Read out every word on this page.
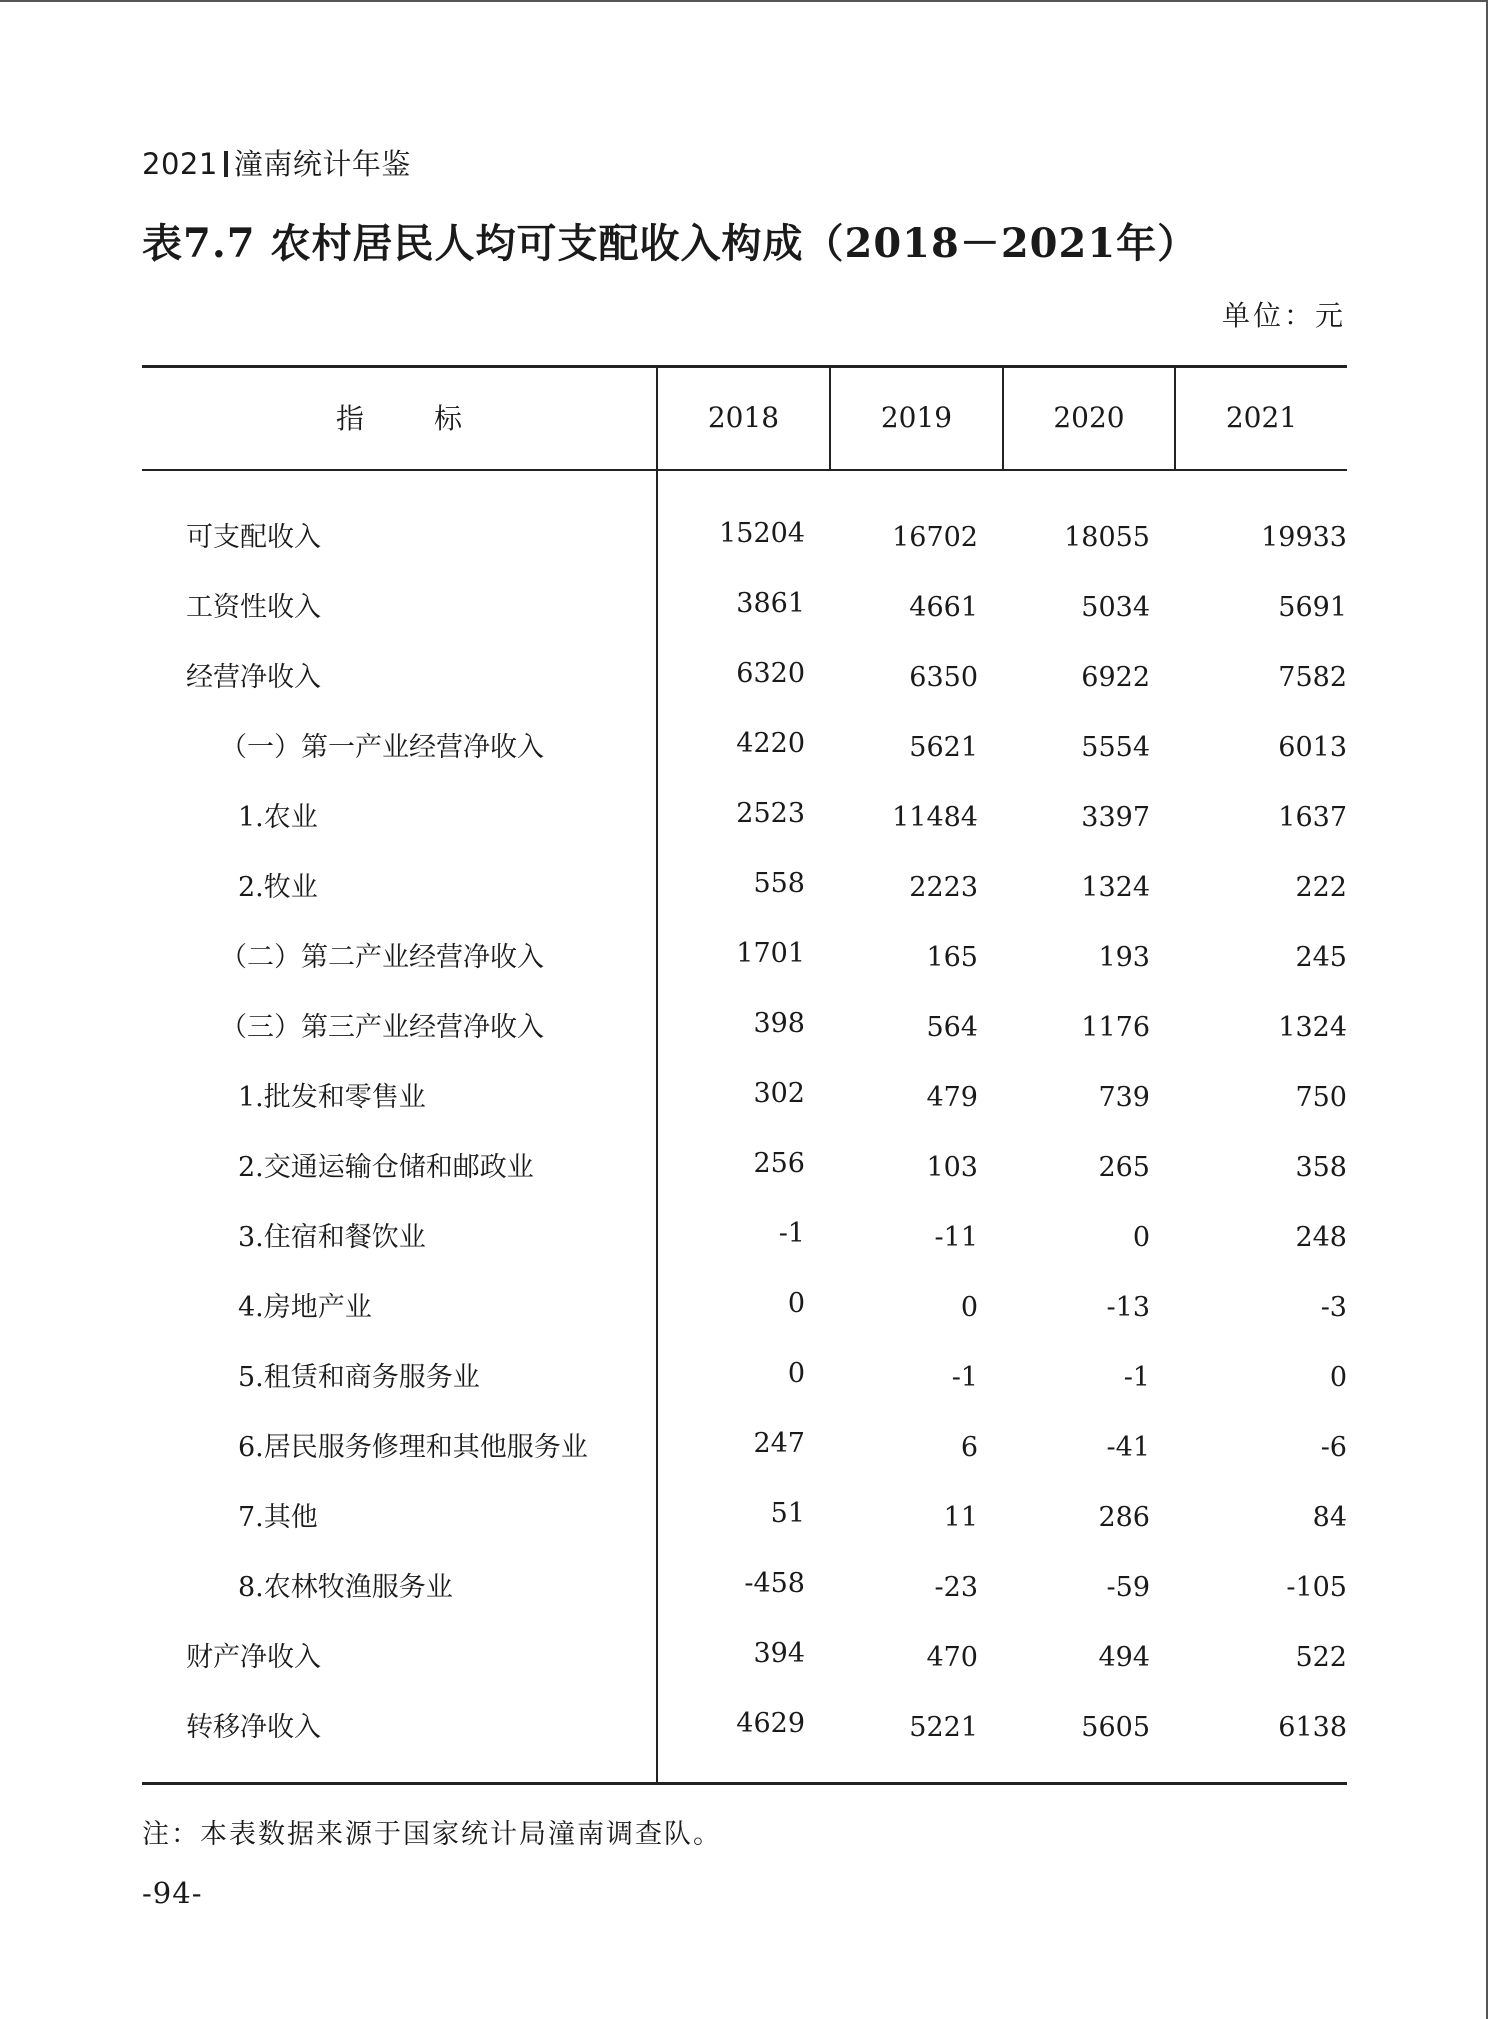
2021 潼南统计年鉴
表7.7 农村居民人均可支配收入构成（2018－2021年）
单位：元
指标	2018	2019	2020	2021
可支配收入	15204	16702	18055	19933
工资性收入	3861	4661	5034	5691
经营净收入	6320	6350	6922	7582
（一）第一产业经营净收入	4220	5621	5554	6013
1.农业	2523	11484	3397	1637
2.牧业	558	2223	1324	222
（二）第二产业经营净收入	1701	165	193	245
（三）第三产业经营净收入	398	564	1176	1324
1.批发和零售业	302	479	739	750
2.交通运输仓储和邮政业	256	103	265	358
3.住宿和餐饮业	-1	-11	0	248
4.房地产业	0	0	-13	-3
5.租赁和商务服务业	0	-1	-1	0
6.居民服务修理和其他服务业	247	6	-41	-6
7.其他	51	11	286	84
8.农林牧渔服务业	-458	-23	-59	-105
财产净收入	394	470	494	522
转移净收入	4629	5221	5605	6138
注：本表数据来源于国家统计局潼南调查队。
-94-
